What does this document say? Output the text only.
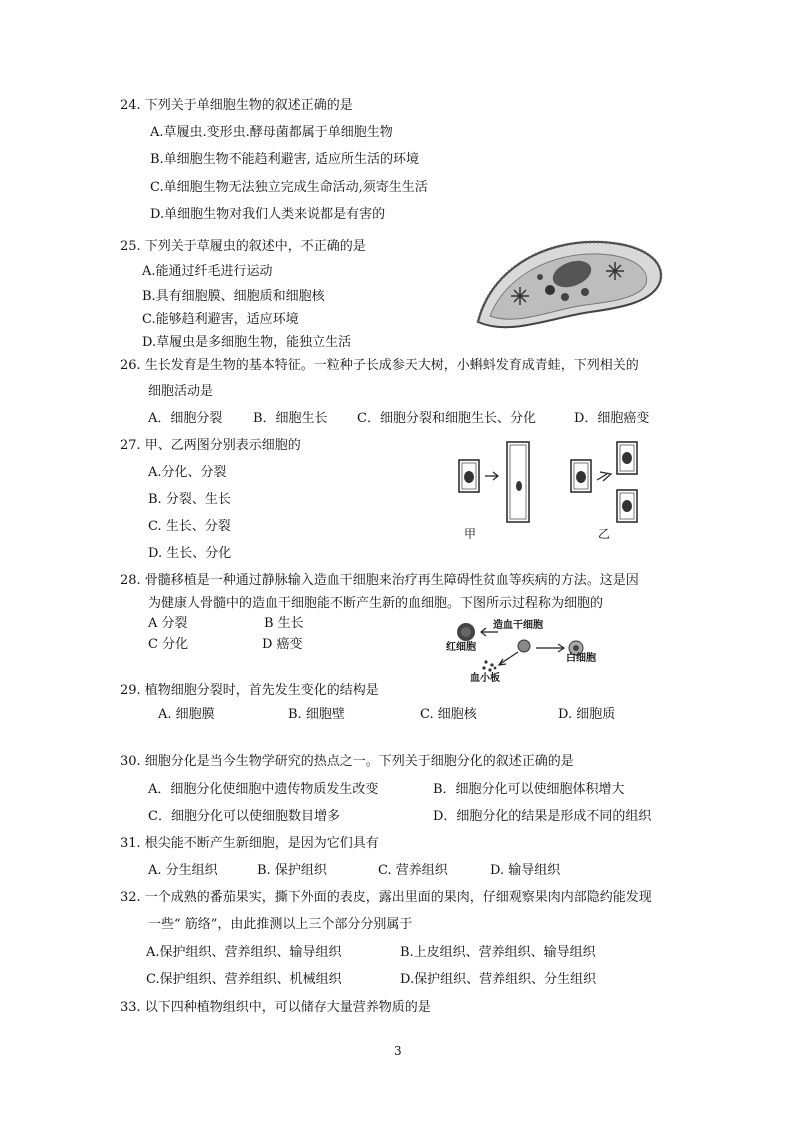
24. 下列关于单细胞生物的叙述正确的是
A.草履虫.变形虫.酵母菌都属于单细胞生物
B.单细胞生物不能趋利避害, 适应所生活的环境
C.单细胞生物无法独立完成生命活动,须寄生生活
D.单细胞生物对我们人类来说都是有害的
25. 下列关于草履虫的叙述中，不正确的是
A.能通过纤毛进行运动
B.具有细胞膜、细胞质和细胞核
C.能够趋利避害，适应环境
D.草履虫是多细胞生物，能独立生活
26. 生长发育是生物的基本特征。一粒种子长成参天大树，小蝌蚪发育成青蛙，下列相关的
细胞活动是
A．细胞分裂 B．细胞生长 C．细胞分裂和细胞生长、分化	D．细胞癌变
27. 甲、乙两图分别表示细胞的
A.分化、分裂
B. 分裂、生长
C. 生长、分裂
D. 生长、分化
甲	乙
28. 骨髓移植是一种通过静脉输入造血干细胞来治疗再生障碍性贫血等疾病的方法。这是因
为健康人骨髓中的造血干细胞能不断产生新的血细胞。下图所示过程称为细胞的
A 分裂	B 生长
C 分化	D 癌变
造血干细胞
红细胞
白细胞
血小板
29. 植物细胞分裂时，首先发生变化的结构是
A. 细胞膜	B. 细胞壁	C. 细胞核	D. 细胞质
30. 细胞分化是当今生物学研究的热点之一。下列关于细胞分化的叙述正确的是
A．细胞分化使细胞中遗传物质发生改变	B．细胞分化可以使细胞体积增大
C．细胞分化可以使细胞数目增多	D．细胞分化的结果是形成不同的组织
31. 根尖能不断产生新细胞，是因为它们具有
A. 分生组织	B. 保护组织	C. 营养组织	D. 输导组织
32. 一个成熟的番茄果实，撕下外面的表皮，露出里面的果肉，仔细观察果肉内部隐约能发现
一些“ 筋络”，由此推测以上三个部分分别属于
A.保护组织、营养组织、输导组织	B.上皮组织、营养组织、输导组织
C.保护组织、营养组织、机械组织	D.保护组织、营养组织、分生组织
33. 以下四种植物组织中，可以储存大量营养物质的是
3
